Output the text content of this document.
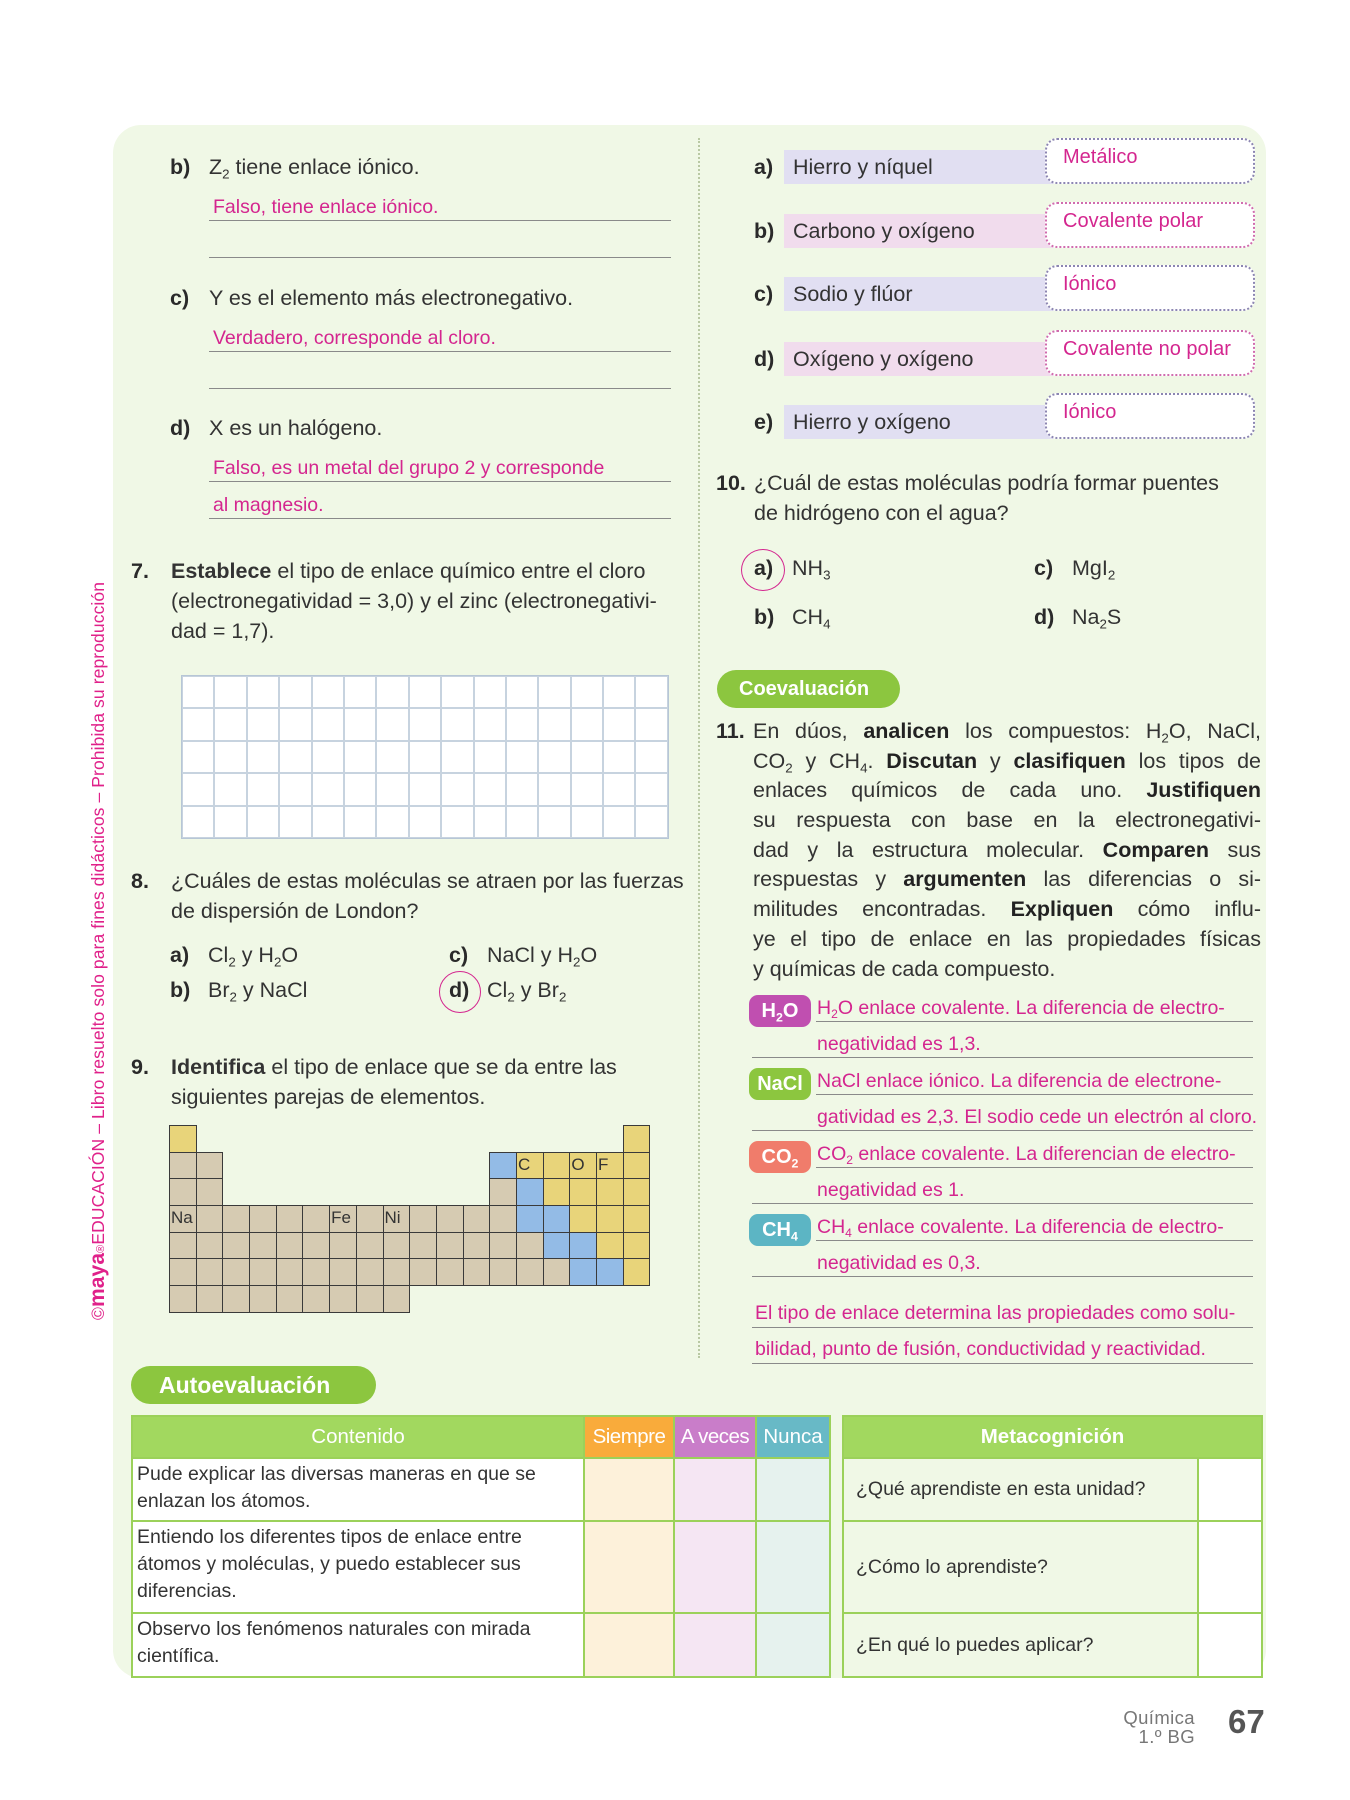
©maya®EDUCACIÓN – Libro resuelto solo para fines didácticos – Prohibida su reproducción
b) $Z_2$ tiene enlace iónico.
Falso, tiene enlace iónico.
c) Y es el elemento más electronegativo.
Verdadero, corresponde al cloro.
d) X es un halógeno.
Falso, es un metal del grupo 2 y corresponde
al magnesio.
7. Establece el tipo de enlace químico entre el cloro
(electronegatividad = 3,0) y el zinc (electronegativi-
dad = 1,7).
8. ¿Cuáles de estas moléculas se atraen por las fuerzas
de dispersión de London?
a) $Cl_2$ y $H_2O$
b) $Br_2$ y NaCl
c) NaCl y $H_2O$
d) $Cl_2$ y $Br_2$
9. Identifica el tipo de enlace que se da entre las
siguientes parejas de elementos.
C	O F
Na	Fe	Ni
a) Hierro y níquel	Metálico
b) Carbono y oxígeno	Covalente polar
c) Sodio y flúor	Iónico
d) Oxígeno y oxígeno	Covalente no polar
e) Hierro y oxígeno	Iónico
10. ¿Cuál de estas moléculas podría formar puentes
de hidrógeno con el agua?
a) $NH_3$
b) $CH_4$
c) MgI$_2$
d) $Na_2S$
Coevaluación
11. En dúos, analicen los compuestos: $H_2O$, NaCl,
$CO_2$ y $CH_4$. Discutan y clasifiquen los tipos de
enlaces químicos de cada uno. Justifiquen
su respuesta con base en la electronegativi-
dad y la estructura molecular. Comparen sus
respuestas y argumenten las diferencias o si-
militudes encontradas. Expliquen cómo influ-
ye el tipo de enlace en las propiedades físicas
y químicas de cada compuesto.
$H_2O$ $H_2O$ enlace covalente. La diferencia de electro-
negatividad es 1,3.
NaCl NaCl enlace iónico. La diferencia de electrone-
gatividad es 2,3. El sodio cede un electrón al cloro.
$CO_2$ $CO_2$ enlace covalente. La diferencian de electro-
negatividad es 1.
$CH_4$ $CH_4$ enlace covalente. La diferencia de electro-
negatividad es 0,3.
El tipo de enlace determina las propiedades como solu-
bilidad, punto de fusión, conductividad y reactividad.
Autoevaluación
Contenido	Siempre	A veces	Nunca
Pude explicar las diversas maneras en que se enlazan los átomos.			
Entiendo los diferentes tipos de enlace entre átomos y moléculas, y puedo establecer sus diferencias.			
Observo los fenómenos naturales con mirada científica.			
Metacognición	
¿Qué aprendiste en esta unidad?	
¿Cómo lo aprendiste?	
¿En qué lo puedes aplicar?	
Química
1.º BG 67
